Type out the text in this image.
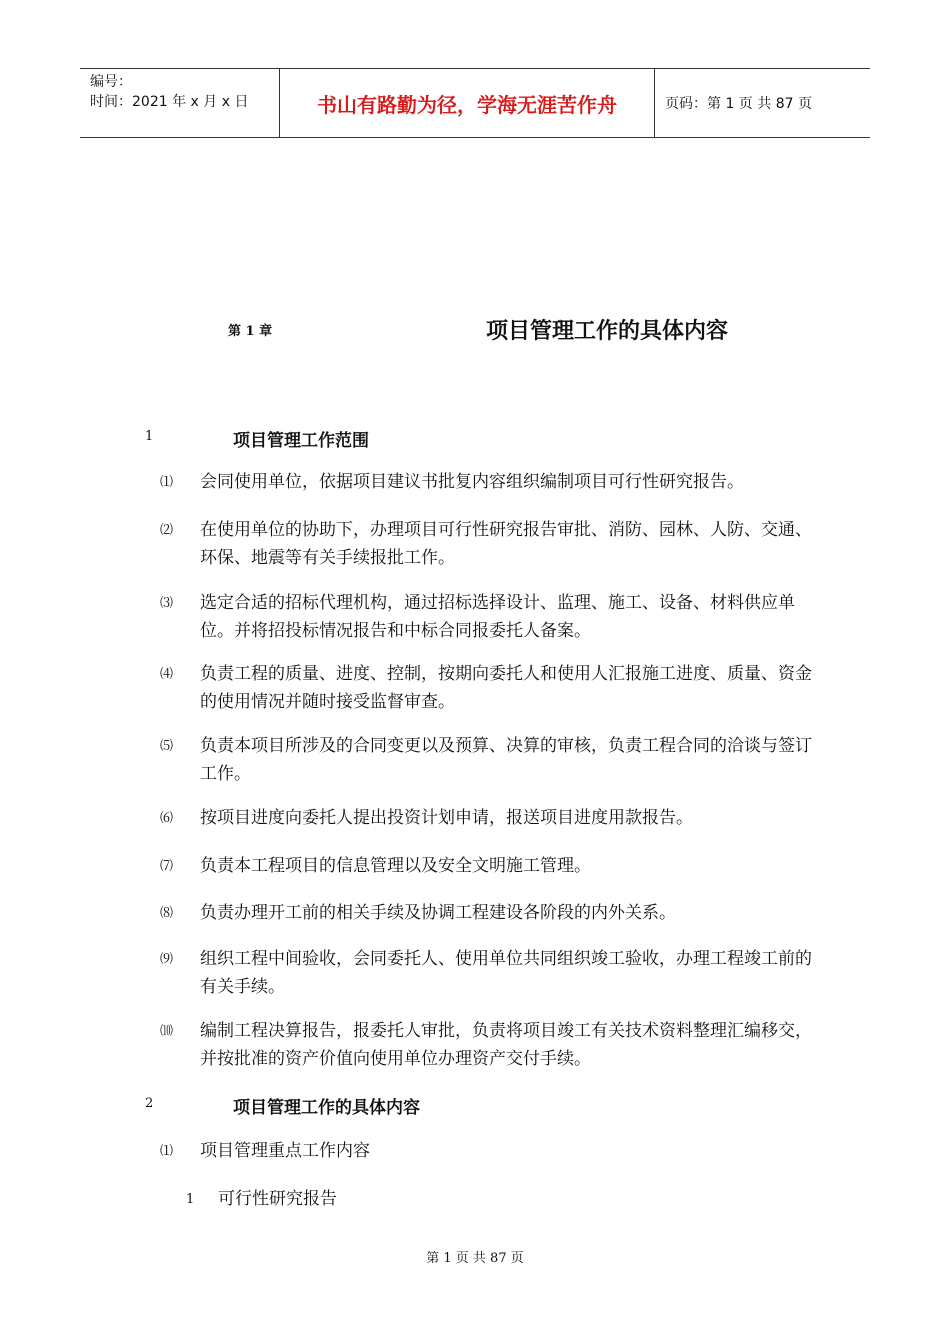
编号：
时间：2021 年 x 月 x 日	书山有路勤为径，学海无涯苦作舟	页码：第 1 页 共 87 页
第 1 章	项目管理工作的具体内容
1	项目管理工作范围
⑴	会同使用单位，依据项目建议书批复内容组织编制项目可行性研究报告。
⑵	在使用单位的协助下，办理项目可行性研究报告审批、消防、园林、人防、交通、环保、地震等有关手续报批工作。
⑶	选定合适的招标代理机构，通过招标选择设计、监理、施工、设备、材料供应单位。并将招投标情况报告和中标合同报委托人备案。
⑷	负责工程的质量、进度、控制，按期向委托人和使用人汇报施工进度、质量、资金的使用情况并随时接受监督审查。
⑸	负责本项目所涉及的合同变更以及预算、决算的审核，负责工程合同的洽谈与签订工作。
⑹	按项目进度向委托人提出投资计划申请，报送项目进度用款报告。
⑺	负责本工程项目的信息管理以及安全文明施工管理。
⑻	负责办理开工前的相关手续及协调工程建设各阶段的内外关系。
⑼	组织工程中间验收，会同委托人、使用单位共同组织竣工验收，办理工程竣工前的有关手续。
⑽	编制工程决算报告，报委托人审批，负责将项目竣工有关技术资料整理汇编移交，并按批准的资产价值向使用单位办理资产交付手续。
2	项目管理工作的具体内容
⑴	项目管理重点工作内容
1	可行性研究报告
第 1 页 共 87 页
